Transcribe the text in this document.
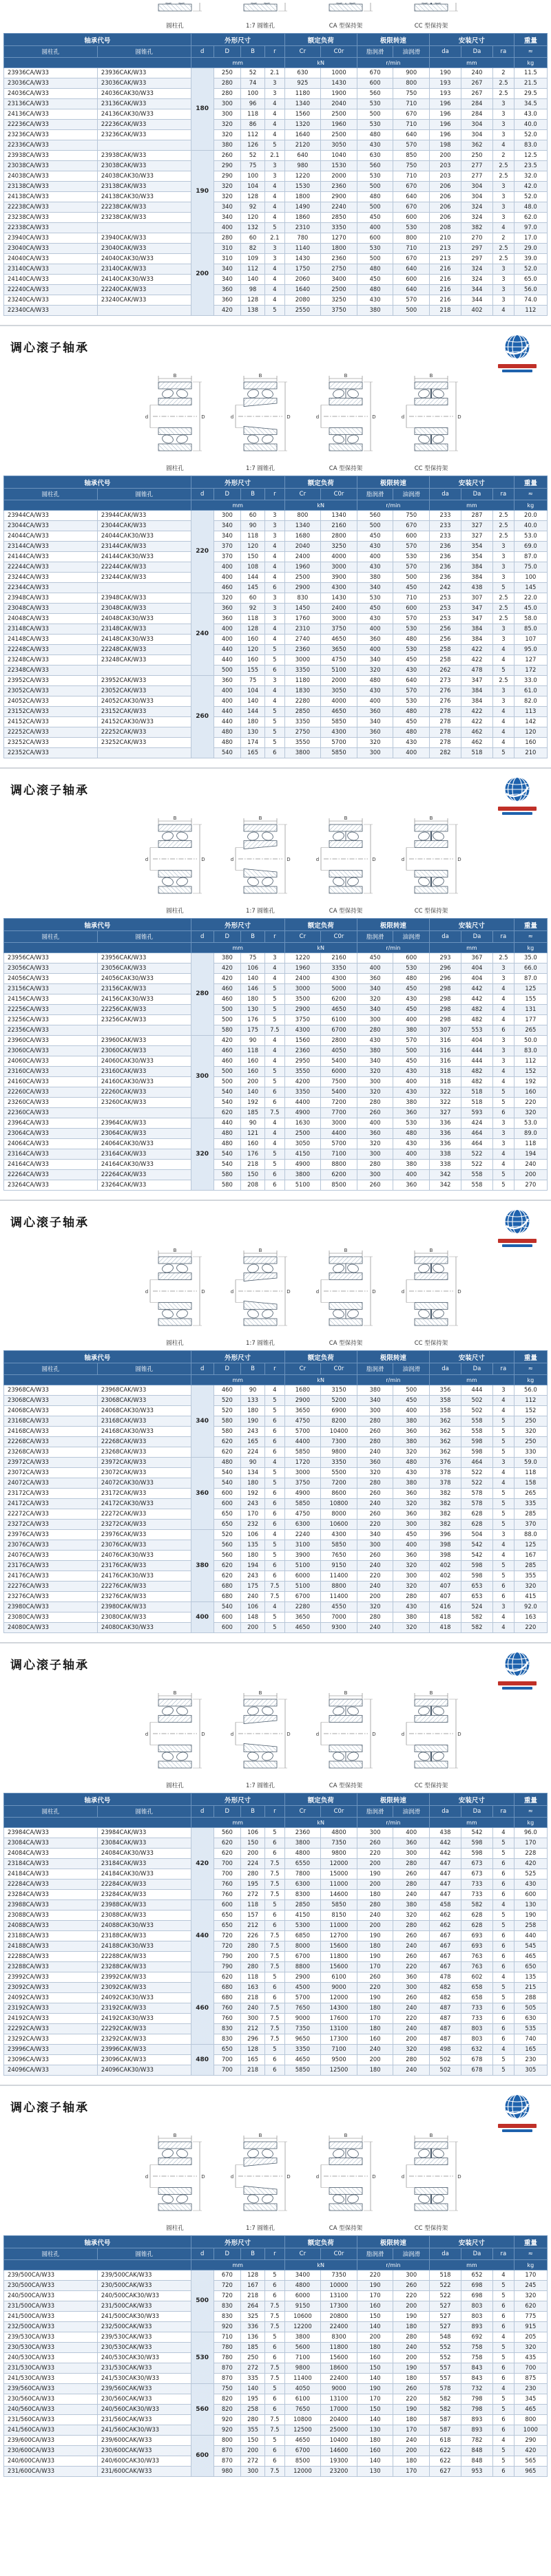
圆柱孔	1:7 圆锥孔	CA 型保持架	CC 型保持架
轴承代号		外形尺寸				额定负荷		极限转速		安装尺寸			重量
圆柱孔	圆锥孔	d	D	B	r	Cr	C0r	脂润滑	油润滑	da	Da	ra	≈
		mm				kN		r/min		mm			kg
23936CA/W33	23936CAK/W33	180	250	52	2.1	630	1000	670	900	190	240	2	11.5
23036CA/W33	23036CAK/W33		280	74	3	925	1430	600	800	193	267	2.5	21.5
24036CA/W33	24036CAK30/W33		280	100	3	1180	1900	560	750	193	267	2.5	29.5
23136CA/W33	23136CAK/W33		300	96	4	1340	2040	530	710	196	284	3	34.5
24136CA/W33	24136CAK30/W33		300	118	4	1560	2500	500	670	196	284	3	43.0
22236CA/W33	22236CAK/W33		320	86	4	1320	1960	530	710	196	304	3	40.0
23236CA/W33	23236CAK/W33		320	112	4	1640	2500	480	640	196	304	3	52.0
22336CA/W33			380	126	5	2120	3050	430	570	198	362	4	83.0
23938CA/W33	23938CAK/W33	190	260	52	2.1	640	1040	630	850	200	250	2	12.5
23038CA/W33	23038CAK/W33		290	75	3	980	1530	560	750	203	277	2.5	23.5
24038CA/W33	24038CAK30/W33		290	100	3	1220	2000	530	710	203	277	2.5	32.0
23138CA/W33	23138CAK/W33		320	104	4	1530	2360	500	670	206	304	3	42.0
24138CA/W33	24138CAK30/W33		320	128	4	1800	2900	480	640	206	304	3	52.0
22238CA/W33	22238CAK/W33		340	92	4	1490	2240	500	670	206	324	3	48.0
23238CA/W33	23238CAK/W33		340	120	4	1860	2850	450	600	206	324	3	62.0
22338CA/W33			400	132	5	2310	3350	400	530	208	382	4	97.0
23940CA/W33	23940CAK/W33	200	280	60	2.1	780	1270	600	800	210	270	2	17.0
23040CA/W33	23040CAK/W33		310	82	3	1140	1800	530	710	213	297	2.5	29.0
24040CA/W33	24040CAK30/W33		310	109	3	1430	2360	500	670	213	297	2.5	39.0
23140CA/W33	23140CAK/W33		340	112	4	1750	2750	480	640	216	324	3	52.0
24140CA/W33	24140CAK30/W33		340	140	4	2060	3400	450	600	216	324	3	65.0
22240CA/W33	22240CAK/W33		360	98	4	1640	2500	480	640	216	344	3	56.0
23240CA/W33	23240CAK/W33		360	128	4	2080	3250	430	570	216	344	3	74.0
22340CA/W33			420	138	5	2550	3750	380	500	218	402	4	112
调心滚子轴承
B
D
d
圆柱孔
B
D
d
1:7 圆锥孔
B
D
d
CA 型保持架
B
D
d
CC 型保持架
轴承代号		外形尺寸				额定负荷		极限转速		安装尺寸			重量
圆柱孔	圆锥孔	d	D	B	r	Cr	C0r	脂润滑	油润滑	da	Da	ra	≈
		mm				kN		r/min		mm			kg
23944CA/W33	23944CAK/W33	220	300	60	3	800	1340	560	750	233	287	2.5	20.0
23044CA/W33	23044CAK/W33		340	90	3	1340	2160	500	670	233	327	2.5	40.0
24044CA/W33	24044CAK30/W33		340	118	3	1680	2800	450	600	233	327	2.5	53.0
23144CA/W33	23144CAK/W33		370	120	4	2040	3250	430	570	236	354	3	69.0
24144CA/W33	24144CAK30/W33		370	150	4	2400	4000	400	530	236	354	3	87.0
22244CA/W33	22244CAK/W33		400	108	4	1960	3000	430	570	236	384	3	75.0
23244CA/W33	23244CAK/W33		400	144	4	2500	3900	380	500	236	384	3	100
22344CA/W33			460	145	6	2900	4300	340	450	242	438	5	145
23948CA/W33	23948CAK/W33	240	320	60	3	830	1430	530	710	253	307	2.5	22.0
23048CA/W33	23048CAK/W33		360	92	3	1450	2400	450	600	253	347	2.5	45.0
24048CA/W33	24048CAK30/W33		360	118	3	1760	3000	430	570	253	347	2.5	58.0
23148CA/W33	23148CAK/W33		400	128	4	2310	3750	400	530	256	384	3	85.0
24148CA/W33	24148CAK30/W33		400	160	4	2740	4650	360	480	256	384	3	107
22248CA/W33	22248CAK/W33		440	120	5	2360	3650	400	530	258	422	4	95.0
23248CA/W33	23248CAK/W33		440	160	5	3000	4750	340	450	258	422	4	127
22348CA/W33			500	155	6	3350	5100	320	430	262	478	5	172
23952CA/W33	23952CAK/W33	260	360	75	3	1180	2000	480	640	273	347	2.5	33.0
23052CA/W33	23052CAK/W33		400	104	4	1830	3050	430	570	276	384	3	61.0
24052CA/W33	24052CAK30/W33		400	140	4	2280	4000	400	530	276	384	3	82.0
23152CA/W33	23152CAK/W33		440	144	5	2850	4650	360	480	278	422	4	113
24152CA/W33	24152CAK30/W33		440	180	5	3350	5850	340	450	278	422	4	142
22252CA/W33	22252CAK/W33		480	130	5	2750	4300	360	480	278	462	4	120
23252CA/W33	23252CAK/W33		480	174	5	3550	5700	320	430	278	462	4	160
22352CA/W33			540	165	6	3800	5850	300	400	282	518	5	210
调心滚子轴承
B
D
d
圆柱孔
B
D
d
1:7 圆锥孔
B
D
d
CA 型保持架
B
D
d
CC 型保持架
轴承代号		外形尺寸				额定负荷		极限转速		安装尺寸			重量
圆柱孔	圆锥孔	d	D	B	r	Cr	C0r	脂润滑	油润滑	da	Da	ra	≈
		mm				kN		r/min		mm			kg
23956CA/W33	23956CAK/W33	280	380	75	3	1220	2160	450	600	293	367	2.5	35.0
23056CA/W33	23056CAK/W33		420	106	4	1960	3350	400	530	296	404	3	66.0
24056CA/W33	24056CAK30/W33		420	140	4	2400	4300	360	480	296	404	3	87.0
23156CA/W33	23156CAK/W33		460	146	5	3000	5000	340	450	298	442	4	125
24156CA/W33	24156CAK30/W33		460	180	5	3500	6200	320	430	298	442	4	155
22256CA/W33	22256CAK/W33		500	130	5	2900	4650	340	450	298	482	4	131
23256CA/W33	23256CAK/W33		500	176	5	3750	6100	300	400	298	482	4	177
22356CA/W33			580	175	7.5	4300	6700	280	380	307	553	6	265
23960CA/W33	23960CAK/W33	300	420	90	4	1560	2800	430	570	316	404	3	50.0
23060CA/W33	23060CAK/W33		460	118	4	2360	4050	380	500	316	444	3	83.0
24060CA/W33	24060CAK30/W33		460	160	4	2950	5400	340	450	316	444	3	112
23160CA/W33	23160CAK/W33		500	160	5	3550	6000	320	430	318	482	4	152
24160CA/W33	24160CAK30/W33		500	200	5	4200	7500	300	400	318	482	4	192
22260CA/W33	22260CAK/W33		540	140	6	3350	5400	320	430	322	518	5	160
23260CA/W33	23260CAK/W33		540	192	6	4400	7200	280	380	322	518	5	220
22360CA/W33			620	185	7.5	4900	7700	260	360	327	593	6	320
23964CA/W33	23964CAK/W33	320	440	90	4	1630	3000	400	530	336	424	3	53.0
23064CA/W33	23064CAK/W33		480	121	4	2500	4400	360	480	336	464	3	89.0
24064CA/W33	24064CAK30/W33		480	160	4	3050	5700	320	430	336	464	3	118
23164CA/W33	23164CAK/W33		540	176	5	4150	7100	300	400	338	522	4	194
24164CA/W33	24164CAK30/W33		540	218	5	4900	8800	280	380	338	522	4	240
22264CA/W33	22264CAK/W33		580	150	6	3800	6200	300	400	342	558	5	200
23264CA/W33	23264CAK/W33		580	208	6	5100	8500	260	360	342	558	5	270
调心滚子轴承
B
D
d
圆柱孔
B
D
d
1:7 圆锥孔
B
D
d
CA 型保持架
B
D
d
CC 型保持架
轴承代号		外形尺寸				额定负荷		极限转速		安装尺寸			重量
圆柱孔	圆锥孔	d	D	B	r	Cr	C0r	脂润滑	油润滑	da	Da	ra	≈
		mm				kN		r/min		mm			kg
23968CA/W33	23968CAK/W33	340	460	90	4	1680	3150	380	500	356	444	3	56.0
23068CA/W33	23068CAK/W33		520	133	5	2900	5200	340	450	358	502	4	112
24068CA/W33	24068CAK30/W33		520	180	5	3650	6900	300	400	358	502	4	152
23168CA/W33	23168CAK/W33		580	190	6	4750	8200	280	380	362	558	5	250
24168CA/W33	24168CAK30/W33		580	243	6	5700	10400	260	360	362	558	5	320
22268CA/W33	22268CAK/W33		620	165	6	4400	7300	280	380	362	598	5	250
23268CA/W33	23268CAK/W33		620	224	6	5850	9800	240	320	362	598	5	330
23972CA/W33	23972CAK/W33	360	480	90	4	1720	3350	360	480	376	464	3	59.0
23072CA/W33	23072CAK/W33		540	134	5	3000	5500	320	430	378	522	4	118
24072CA/W33	24072CAK30/W33		540	180	5	3750	7200	280	380	378	522	4	158
23172CA/W33	23172CAK/W33		600	192	6	4900	8600	260	360	382	578	5	265
24172CA/W33	24172CAK30/W33		600	243	6	5850	10800	240	320	382	578	5	335
22272CA/W33	22272CAK/W33		650	170	6	4750	8000	260	360	382	628	5	285
23272CA/W33	23272CAK/W33		650	232	6	6300	10600	220	300	382	628	5	370
23976CA/W33	23976CAK/W33	380	520	106	4	2240	4300	340	450	396	504	3	88.0
23076CA/W33	23076CAK/W33		560	135	5	3100	5850	300	400	398	542	4	125
24076CA/W33	24076CAK30/W33		560	180	5	3900	7650	260	360	398	542	4	167
23176CA/W33	23176CAK/W33		620	194	6	5100	9150	240	320	402	598	5	285
24176CA/W33	24176CAK30/W33		620	243	6	6000	11400	220	300	402	598	5	355
22276CA/W33	22276CAK/W33		680	175	7.5	5100	8800	240	320	407	653	6	320
23276CA/W33	23276CAK/W33		680	240	7.5	6700	11400	200	280	407	653	6	415
23980CA/W33	23980CAK/W33	400	540	106	4	2280	4550	320	430	416	524	3	92.0
23080CA/W33	23080CAK/W33		600	148	5	3650	7000	280	380	418	582	4	163
24080CA/W33	24080CAK30/W33		600	200	5	4650	9300	240	320	418	582	4	220
调心滚子轴承
B
D
d
圆柱孔
B
D
d
1:7 圆锥孔
B
D
d
CA 型保持架
B
D
d
CC 型保持架
轴承代号		外形尺寸				额定负荷		极限转速		安装尺寸			重量
圆柱孔	圆锥孔	d	D	B	r	Cr	C0r	脂润滑	油润滑	da	Da	ra	≈
		mm				kN		r/min		mm			kg
23984CA/W33	23984CAK/W33	420	560	106	5	2360	4800	300	400	438	542	4	96.0
23084CA/W33	23084CAK/W33		620	150	6	3800	7350	260	360	442	598	5	170
24084CA/W33	24084CAK30/W33		620	200	6	4800	9800	220	300	442	598	5	228
23184CA/W33	23184CAK/W33		700	224	7.5	6550	12000	200	280	447	673	6	420
24184CA/W33	24184CAK30/W33		700	280	7.5	7800	15000	190	260	447	673	6	525
22284CA/W33	22284CAK/W33		760	195	7.5	6300	11000	200	280	447	733	6	430
23284CA/W33	23284CAK/W33		760	272	7.5	8300	14600	180	240	447	733	6	600
23988CA/W33	23988CAK/W33	440	600	118	5	2850	5850	280	380	458	582	4	130
23088CA/W33	23088CAK/W33		650	157	6	4150	8150	240	320	462	628	5	190
24088CA/W33	24088CAK30/W33		650	212	6	5300	11000	200	280	462	628	5	258
23188CA/W33	23188CAK/W33		720	226	7.5	6850	12700	190	260	467	693	6	440
24188CA/W33	24188CAK30/W33		720	280	7.5	8000	15600	180	240	467	693	6	545
22288CA/W33	22288CAK/W33		790	200	7.5	6700	11800	190	260	467	763	6	465
23288CA/W33	23288CAK/W33		790	280	7.5	8800	15600	170	220	467	763	6	650
23992CA/W33	23992CAK/W33	460	620	118	5	2900	6100	260	360	478	602	4	135
23092CA/W33	23092CAK/W33		680	163	6	4500	9000	220	300	482	658	5	215
24092CA/W33	24092CAK30/W33		680	218	6	5700	12000	190	260	482	658	5	288
23192CA/W33	23192CAK/W33		760	240	7.5	7650	14300	180	240	487	733	6	505
24192CA/W33	24192CAK30/W33		760	300	7.5	9000	17600	170	220	487	733	6	630
22292CA/W33	22292CAK/W33		830	212	7.5	7350	13100	180	240	487	803	6	535
23292CA/W33	23292CAK/W33		830	296	7.5	9650	17300	160	200	487	803	6	740
23996CA/W33	23996CAK/W33	480	650	128	5	3350	7100	240	320	498	632	4	165
23096CA/W33	23096CAK/W33		700	165	6	4650	9500	200	280	502	678	5	230
24096CA/W33	24096CAK30/W33		700	218	6	5850	12500	180	240	502	678	5	305
调心滚子轴承
B
D
d
圆柱孔
B
D
d
1:7 圆锥孔
B
D
d
CA 型保持架
B
D
d
CC 型保持架
轴承代号		外形尺寸				额定负荷		极限转速		安装尺寸			重量
圆柱孔	圆锥孔	d	D	B	r	Cr	C0r	脂润滑	油润滑	da	Da	ra	≈
		mm				kN		r/min		mm			kg
239/500CA/W33	239/500CAK/W33	500	670	128	5	3400	7350	220	300	518	652	4	170
230/500CA/W33	230/500CAK/W33		720	167	6	4800	10000	190	260	522	698	5	245
240/500CA/W33	240/500CAK30/W33		720	218	6	6000	13100	170	220	522	698	5	320
231/500CA/W33	231/500CAK/W33		830	264	7.5	9150	17300	160	200	527	803	6	620
241/500CA/W33	241/500CAK30/W33		830	325	7.5	10600	20800	150	190	527	803	6	775
232/500CA/W33	232/500CAK/W33		920	336	7.5	12200	22400	140	180	527	893	6	915
239/530CA/W33	239/530CAK/W33	530	710	136	5	3800	8300	200	280	548	692	4	205
230/530CA/W33	230/530CAK/W33		780	185	6	5600	11800	180	240	552	758	5	320
240/530CA/W33	240/530CAK30/W33		780	250	6	7100	15600	160	200	552	758	5	435
231/530CA/W33	231/530CAK/W33		870	272	7.5	9800	18600	150	190	557	843	6	700
241/530CA/W33	241/530CAK30/W33		870	335	7.5	11400	22400	140	180	557	843	6	875
239/560CA/W33	239/560CAK/W33	560	750	140	5	4050	9000	190	260	578	732	4	230
230/560CA/W33	230/560CAK/W33		820	195	6	6100	13100	170	220	582	798	5	345
240/560CA/W33	240/560CAK30/W33		820	258	6	7650	17000	150	190	582	798	5	465
231/560CA/W33	231/560CAK/W33		920	280	7.5	10800	20400	140	180	587	893	6	800
241/560CA/W33	241/560CAK30/W33		920	355	7.5	12500	25000	130	170	587	893	6	1000
239/600CA/W33	239/600CAK/W33	600	800	150	5	4650	10400	180	240	618	782	4	290
230/600CA/W33	230/600CAK/W33		870	200	6	6700	14600	160	200	622	848	5	420
240/600CA/W33	240/600CAK30/W33		870	272	6	8500	19300	140	180	622	848	5	565
231/600CA/W33	231/600CAK/W33		980	300	7.5	12000	23200	130	170	627	953	6	965
